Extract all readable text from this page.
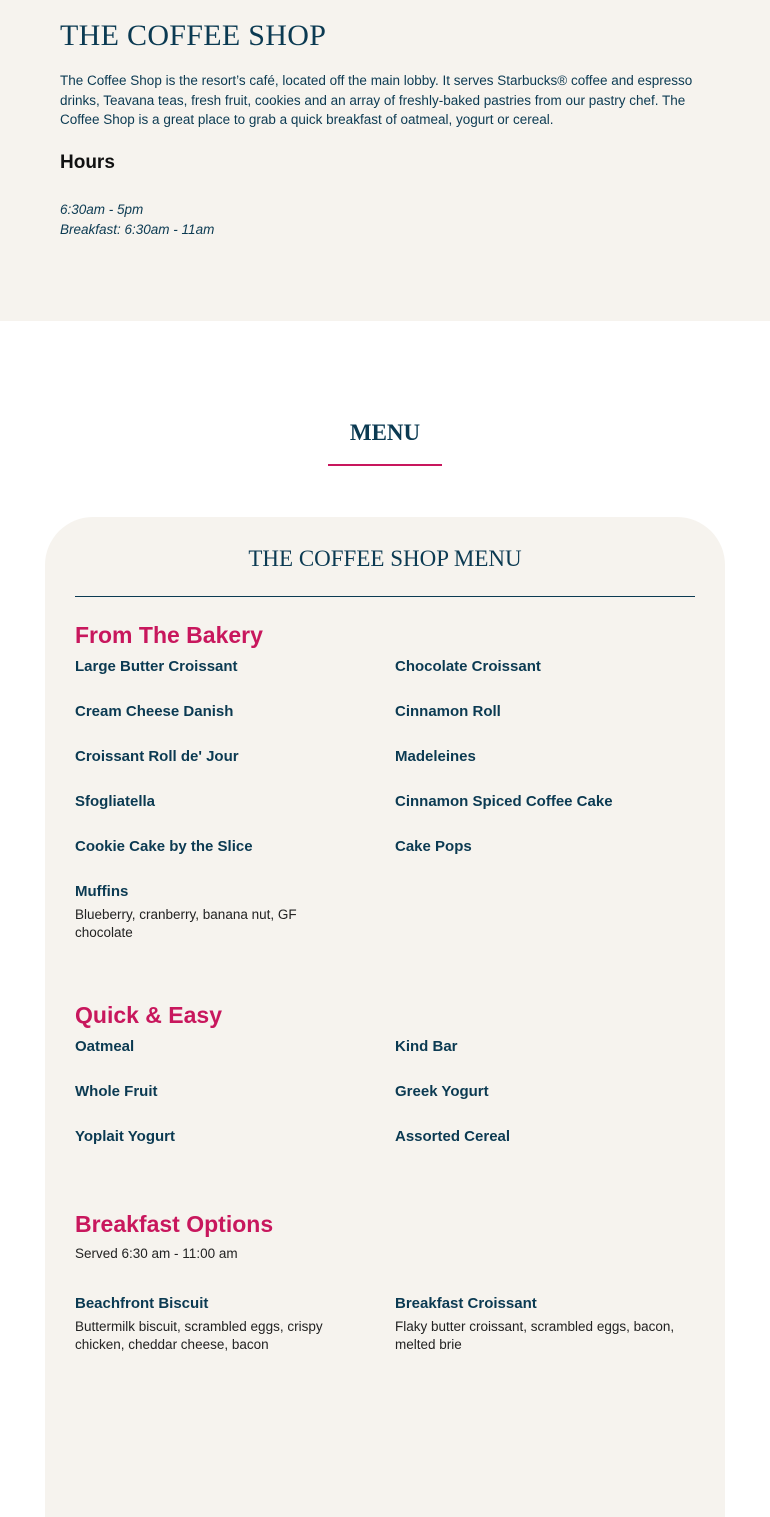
THE COFFEE SHOP

The Coffee Shop is the resort’s café, located off the main lobby. It serves Starbucks® coffee and espresso drinks, Teavana teas, fresh fruit, cookies and an array of freshly-baked pastries from our pastry chef. The Coffee Shop is a great place to grab a quick breakfast of oatmeal, yogurt or cereal.

Hours

6:30am - 5pm

Breakfast: 6:30am - 11am

MENU
THE COFFEE SHOP MENU
From The Bakery

Large Butter Croissant	Chocolate Croissant

Cream Cheese Danish	Cinnamon Roll

Croissant Roll de' Jour	Madeleines

Sfogliatella	Cinnamon Spiced Coffee Cake

Cookie Cake by the Slice	Cake Pops

Muffins

Blueberry, cranberry, banana nut, GF chocolate

Quick & Easy

Oatmeal	Kind Bar

Whole Fruit	Greek Yogurt

Yoplait Yogurt	Assorted Cereal

Breakfast Options

Served 6:30 am - 11:00 am

Beachfront Biscuit

Buttermilk biscuit, scrambled eggs, crispy chicken, cheddar cheese, bacon

Breakfast Croissant

Flaky butter croissant, scrambled eggs, bacon, melted brie
